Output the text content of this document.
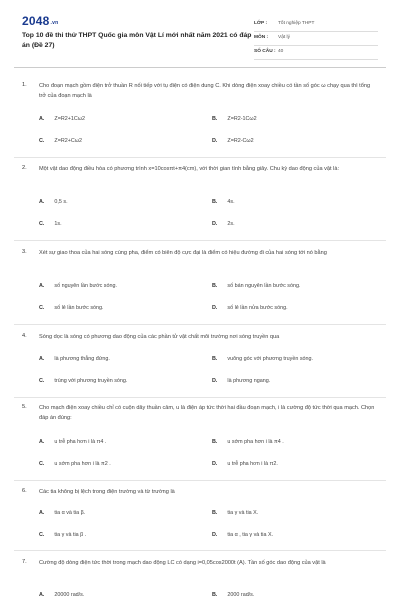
2048.vn
Top 10 đề thi thử THPT Quốc gia môn Vật Lí mới nhất năm 2021 có đáp án (Đề 27)
LỚP : Tốt nghiệp THPT
MÔN : Vật lý
SỐ CÂU : 40
1. Cho đoạn mạch gồm điện trở thuần R nối tiếp với tụ điện có điện dung C. Khi dòng điện xoay chiều có tần số góc ω chạy qua thì tổng trở của đoạn mạch là
A. Z=R2+1Cω2	B. Z=R2-1Cω2
C. Z=R2+Cω2	D. Z=R2-Cω2
2. Một vật dao động điều hòa có phương trình x=10cosπt+π4(cm), với thời gian tính bằng giây. Chu kỳ dao động của vật là:
A. 0,5 s.	B. 4s.
C. 1s.	D. 2s.
3. Xét sự giao thoa của hai sóng cùng pha, điểm có biên độ cực đại là điểm có hiệu đường đi của hai sóng tới nó bằng
A. số nguyên lần bước sóng.	B. số bán nguyên lần bước sóng.
C. số lẻ lần bước sóng.	D. số lẻ lần nửa bước sóng.
4. Sóng dọc là sóng có phương dao động của các phần tử vật chất môi trường nơi sóng truyền qua
A. là phương thẳng đứng.	B. vuông góc với phương truyền sóng.
C. trùng với phương truyền sóng.	D. là phương ngang.
5. Cho mạch điện xoay chiều chỉ có cuộn dây thuần cảm, u là điện áp tức thời hai đầu đoạn mạch, i là cường độ tức thời qua mạch. Chọn đáp án đúng:
A. u trễ pha hơn i là π4 .	B. u sớm pha hơn i là π4 .
C. u sớm pha hơn i là π2 .	D. u trễ pha hơn i là π2.
6. Các tia không bị lệch trong điện trường và từ trường là
A. tia α và tia β.	B. tia γ và tia X.
C. tia γ và tia β .	D. tia α , tia γ và tia X.
7. Cường độ dòng điện tức thời trong mạch dao động LC có dạng i=0,05cos2000t (A). Tần số góc dao động của vật là
A. 20000 rad/s.	B. 2000 rad/s.
